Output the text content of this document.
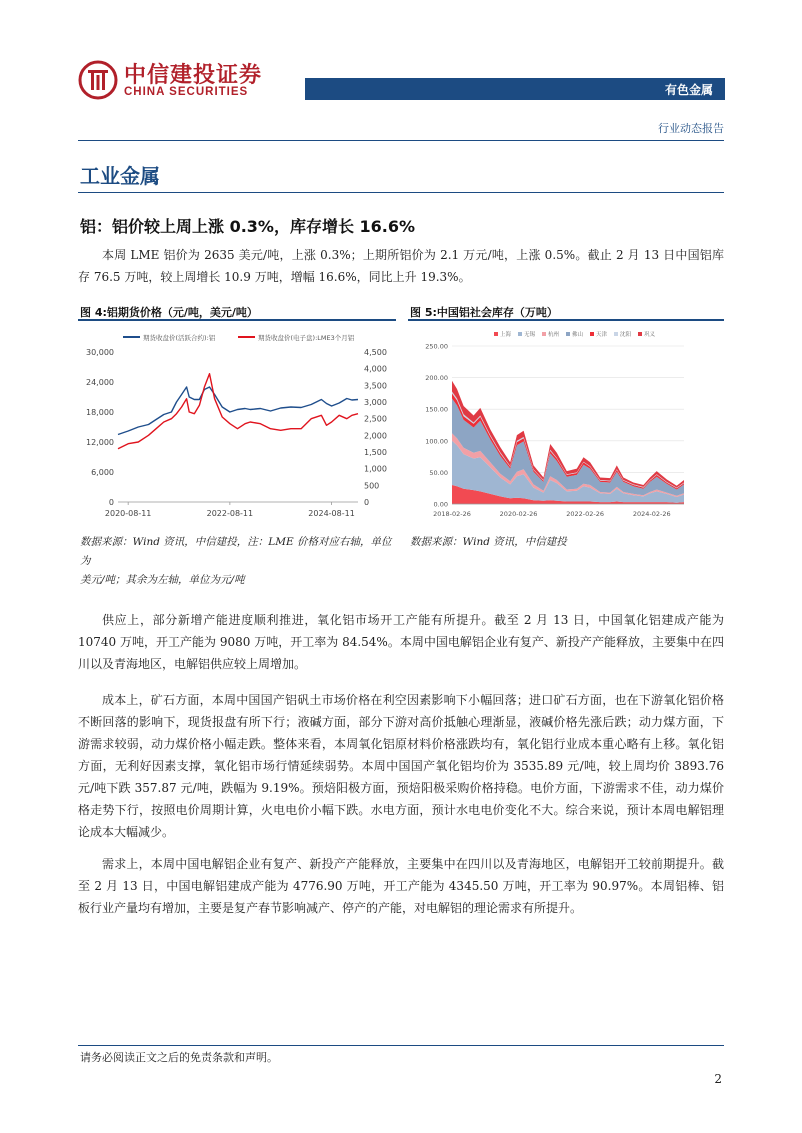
中信建投证券
CHINA SECURITIES	有色金属
行业动态报告
工业金属
铝：铝价较上周上涨 0.3%，库存增长 16.6%

本周 LME 铝价为 2635 美元/吨，上涨 0.3%；上期所铝价为 2.1 万元/吨，上涨 0.5%。截止 2 月 13 日中国铝库存 76.5 万吨，较上周增长 10.9 万吨，增幅 16.6%，同比上升 19.3%。

图 4:铝期货价格（元/吨，美元/吨）
期货收盘价(活跃合约):铝	期货收盘价(电子盘):LME3个月铝
0
6,000
12,000
18,000
24,000
30,000
0
500
1,000
1,500
2,000
2,500
3,000
3,500
4,000
4,500
2020-08-11	2022-08-11	2024-08-11
数据来源：Wind 资讯，中信建投，注：LME 价格对应右轴，单位为
美元/吨；其余为左轴，单位为元/吨
图 5:中国铝社会库存（万吨）
上海 无锡 杭州 佛山 天津 沈阳 巩义
0.00
50.00
100.00
150.00
200.00
250.00
2018-02-26	2020-02-26	2022-02-26	2024-02-26
数据来源：Wind 资讯，中信建投

供应上，部分新增产能进度顺利推进，氧化铝市场开工产能有所提升。截至 2 月 13 日，中国氧化铝建成产能为 10740 万吨，开工产能为 9080 万吨，开工率为 84.54%。本周中国电解铝企业有复产、新投产产能释放，主要集中在四川以及青海地区，电解铝供应较上周增加。

成本上，矿石方面，本周中国国产铝矾土市场价格在利空因素影响下小幅回落；进口矿石方面，也在下游氧化铝价格不断回落的影响下，现货报盘有所下行；液碱方面，部分下游对高价抵触心理渐显，液碱价格先涨后跌；动力煤方面，下游需求较弱，动力煤价格小幅走跌。整体来看，本周氧化铝原材料价格涨跌均有，氧化铝行业成本重心略有上移。氧化铝方面，无利好因素支撑，氧化铝市场行情延续弱势。本周中国国产氧化铝均价为 3535.89 元/吨，较上周均价 3893.76 元/吨下跌 357.87 元/吨，跌幅为 9.19%。预焙阳极方面，预焙阳极采购价格持稳。电价方面，下游需求不佳，动力煤价格走势下行，按照电价周期计算，火电电价小幅下跌。水电方面，预计水电电价变化不大。综合来说，预计本周电解铝理论成本大幅减少。

需求上，本周中国电解铝企业有复产、新投产产能释放，主要集中在四川以及青海地区，电解铝开工较前期提升。截至 2 月 13 日，中国电解铝建成产能为 4776.90 万吨，开工产能为 4345.50 万吨，开工率为 90.97%。本周铝棒、铝板行业产量均有增加，主要是复产春节影响减产、停产的产能，对电解铝的理论需求有所提升。

请务必阅读正文之后的免责条款和声明。
2
